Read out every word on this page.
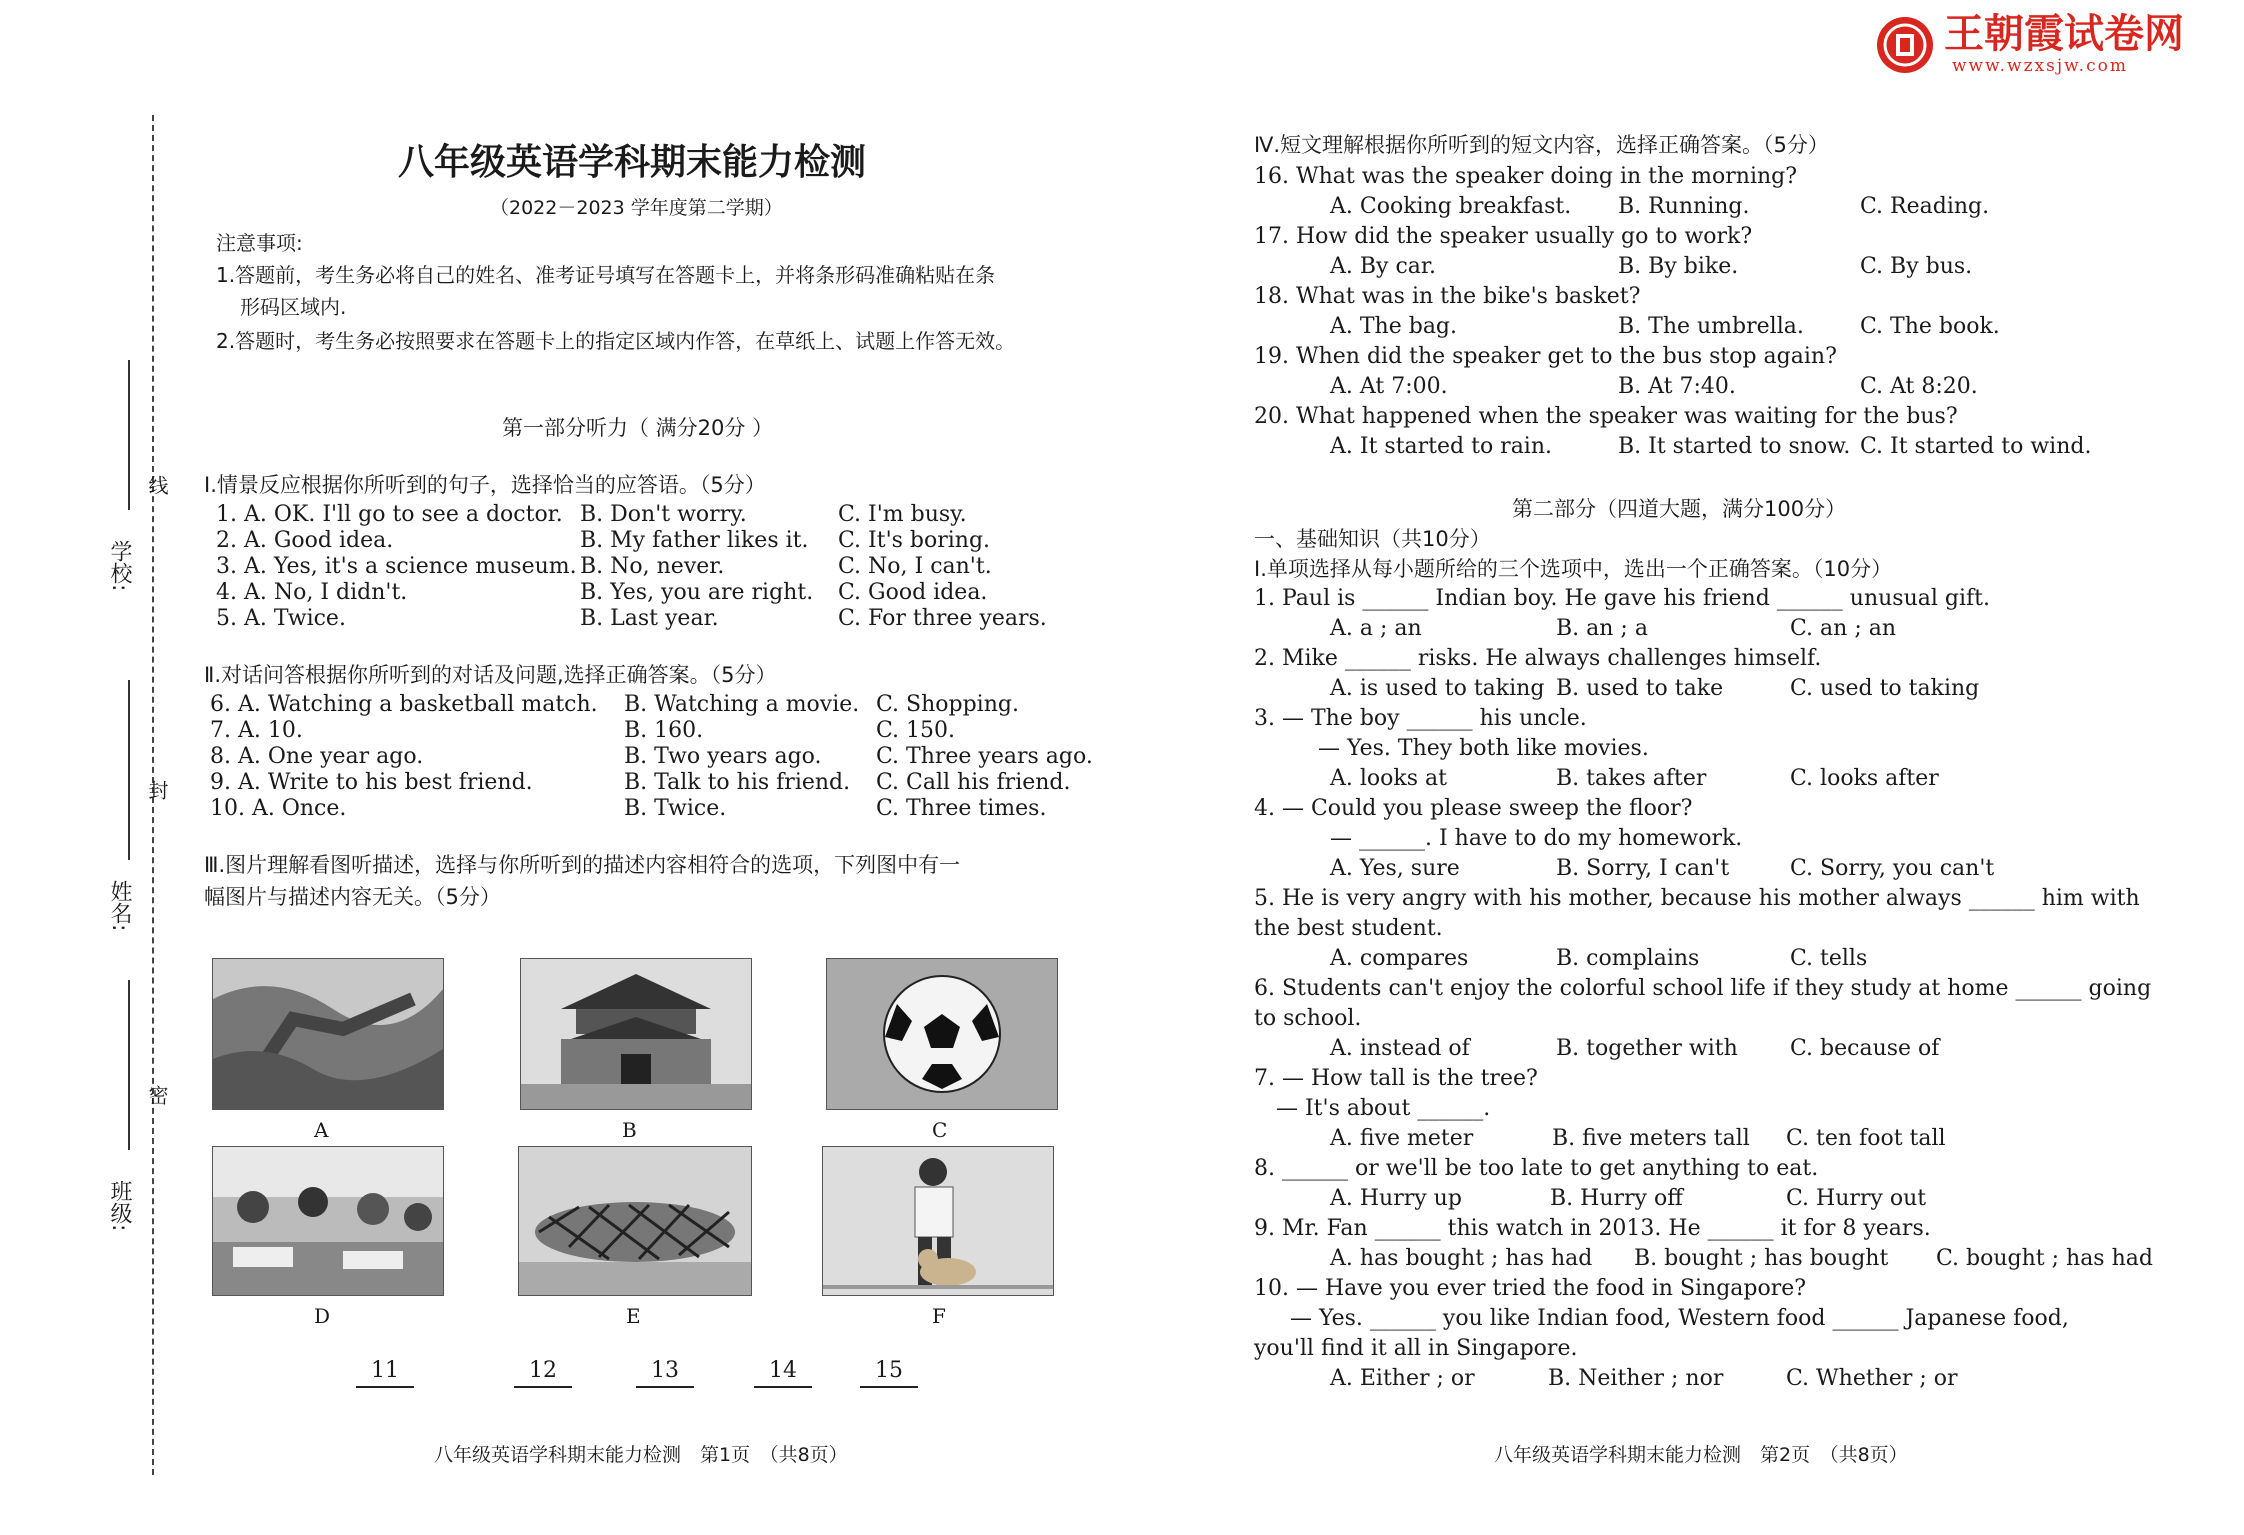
王朝霞试卷网
www.wzxsjw.com
学校:
姓名:
班级:
线
封
密
八年级英语学科期末能力检测
（2022－2023 学年度第二学期）
注意事项:
1.答题前，考生务必将自己的姓名、准考证号填写在答题卡上，并将条形码准确粘贴在条
形码区域内.
2.答题时，考生务必按照要求在答题卡上的指定区域内作答，在草纸上、试题上作答无效。
第一部分听力（ 满分20分 ）
Ⅰ.情景反应根据你所听到的句子，选择恰当的应答语。（5分）
1. A. OK. I'll go to see a doctor. B. Don't worry.	C. I'm busy.
2. A. Good idea.	B. My father likes it. C. It's boring.
3. A. Yes, it's a science museum. B. No, never.	C. No, I can't.
4. A. No, I didn't.	B. Yes, you are right. C. Good idea.
5. A. Twice.	B. Last year.	C. For three years.
Ⅱ.对话问答根据你所听到的对话及问题,选择正确答案。（5分）
6. A. Watching a basketball match. B. Watching a movie. C. Shopping.
7. A. 10.	B. 160.	C. 150.
8. A. One year ago.	B. Two years ago. C. Three years ago.
9. A. Write to his best friend.	B. Talk to his friend. C. Call his friend.
10. A. Once.	B. Twice.	C. Three times.
Ⅲ.图片理解看图听描述，选择与你所听到的描述内容相符合的选项，下列图中有一
幅图片与描述内容无关。（5分）
A	B	C
D	E	F
11	12	13	14	15
八年级英语学科期末能力检测　第1页　（共8页）
Ⅳ.短文理解根据你所听到的短文内容，选择正确答案。（5分）
16. What was the speaker doing in the morning?
A. Cooking breakfast. B. Running.	C. Reading.
17. How did the speaker usually go to work?
A. By car.	B. By bike.	C. By bus.
18. What was in the bike's basket?
A. The bag.	B. The umbrella.	C. The book.
19. When did the speaker get to the bus stop again?
A. At 7:00.	B. At 7:40.	C. At 8:20.
20. What happened when the speaker was waiting for the bus?
A. It started to rain.	B. It started to snow. C. It started to wind.
第二部分（四道大题，满分100分）
一、基础知识（共10分）
Ⅰ.单项选择从每小题所给的三个选项中，选出一个正确答案。（10分）
1. Paul is ______ Indian boy. He gave his friend ______ unusual gift.
A. a ; an	B. an ; a	C. an ; an
2. Mike ______ risks. He always challenges himself.
A. is used to taking B. used to take	C. used to taking
3. — The boy ______ his uncle.
— Yes. They both like movies.
A. looks at	B. takes after	C. looks after
4. — Could you please sweep the floor?
— ______. I have to do my homework.
A. Yes, sure	B. Sorry, I can't	C. Sorry, you can't
5. He is very angry with his mother, because his mother always ______ him with
the best student.
A. compares	B. complains	C. tells
6. Students can't enjoy the colorful school life if they study at home ______ going
to school.
A. instead of	B. together with C. because of
7. — How tall is the tree?
— It's about ______.
A. five meter	B. five meters tall C. ten foot tall
8. ______ or we'll be too late to get anything to eat.
A. Hurry up	B. Hurry off	C. Hurry out
9. Mr. Fan ______ this watch in 2013. He ______ it for 8 years.
A. has bought ; has had B. bought ; has bought C. bought ; has had
10. — Have you ever tried the food in Singapore?
— Yes. ______ you like Indian food, Western food ______ Japanese food,
you'll find it all in Singapore.
A. Either ; or	B. Neither ; nor	C. Whether ; or
八年级英语学科期末能力检测　第2页　（共8页）
